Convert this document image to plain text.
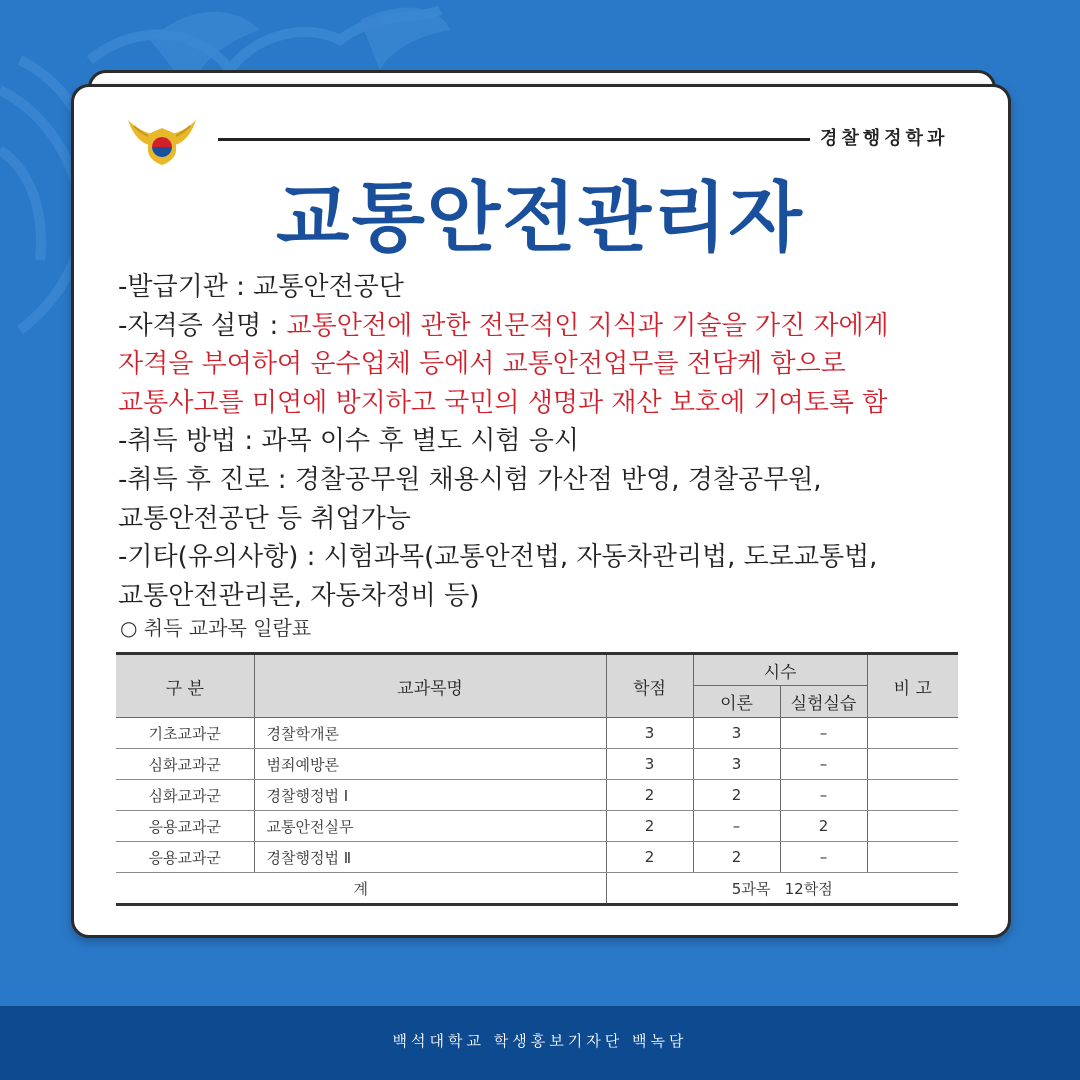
경찰행정학과
교통안전관리자
-발급기관 : 교통안전공단
-자격증 설명 : 교통안전에 관한 전문적인 지식과 기술을 가진 자에게
자격을 부여하여 운수업체 등에서 교통안전업무를 전담케 함으로
교통사고를 미연에 방지하고 국민의 생명과 재산 보호에 기여토록 함
-취득 방법 : 과목 이수 후 별도 시험 응시
-취득 후 진로 : 경찰공무원 채용시험 가산점 반영, 경찰공무원,
교통안전공단 등 취업가능
-기타(유의사항) : 시험과목(교통안전법, 자동차관리법, 도로교통법,
교통안전관리론, 자동차정비 등)
○ 취득 교과목 일람표
구 분	교과목명	학점	시수		비 고
			이론	실험실습	
기초교과군	경찰학개론	3	3	–	
심화교과군	범죄예방론	3	3	–	
심화교과군	경찰행정법 Ⅰ	2	2	–	
응용교과군	교통안전실무	2	–	2	
응용교과군	경찰행정법 Ⅱ	2	2	–	
계		5과목   12학점			
백석대학교 학생홍보기자단 백녹담
